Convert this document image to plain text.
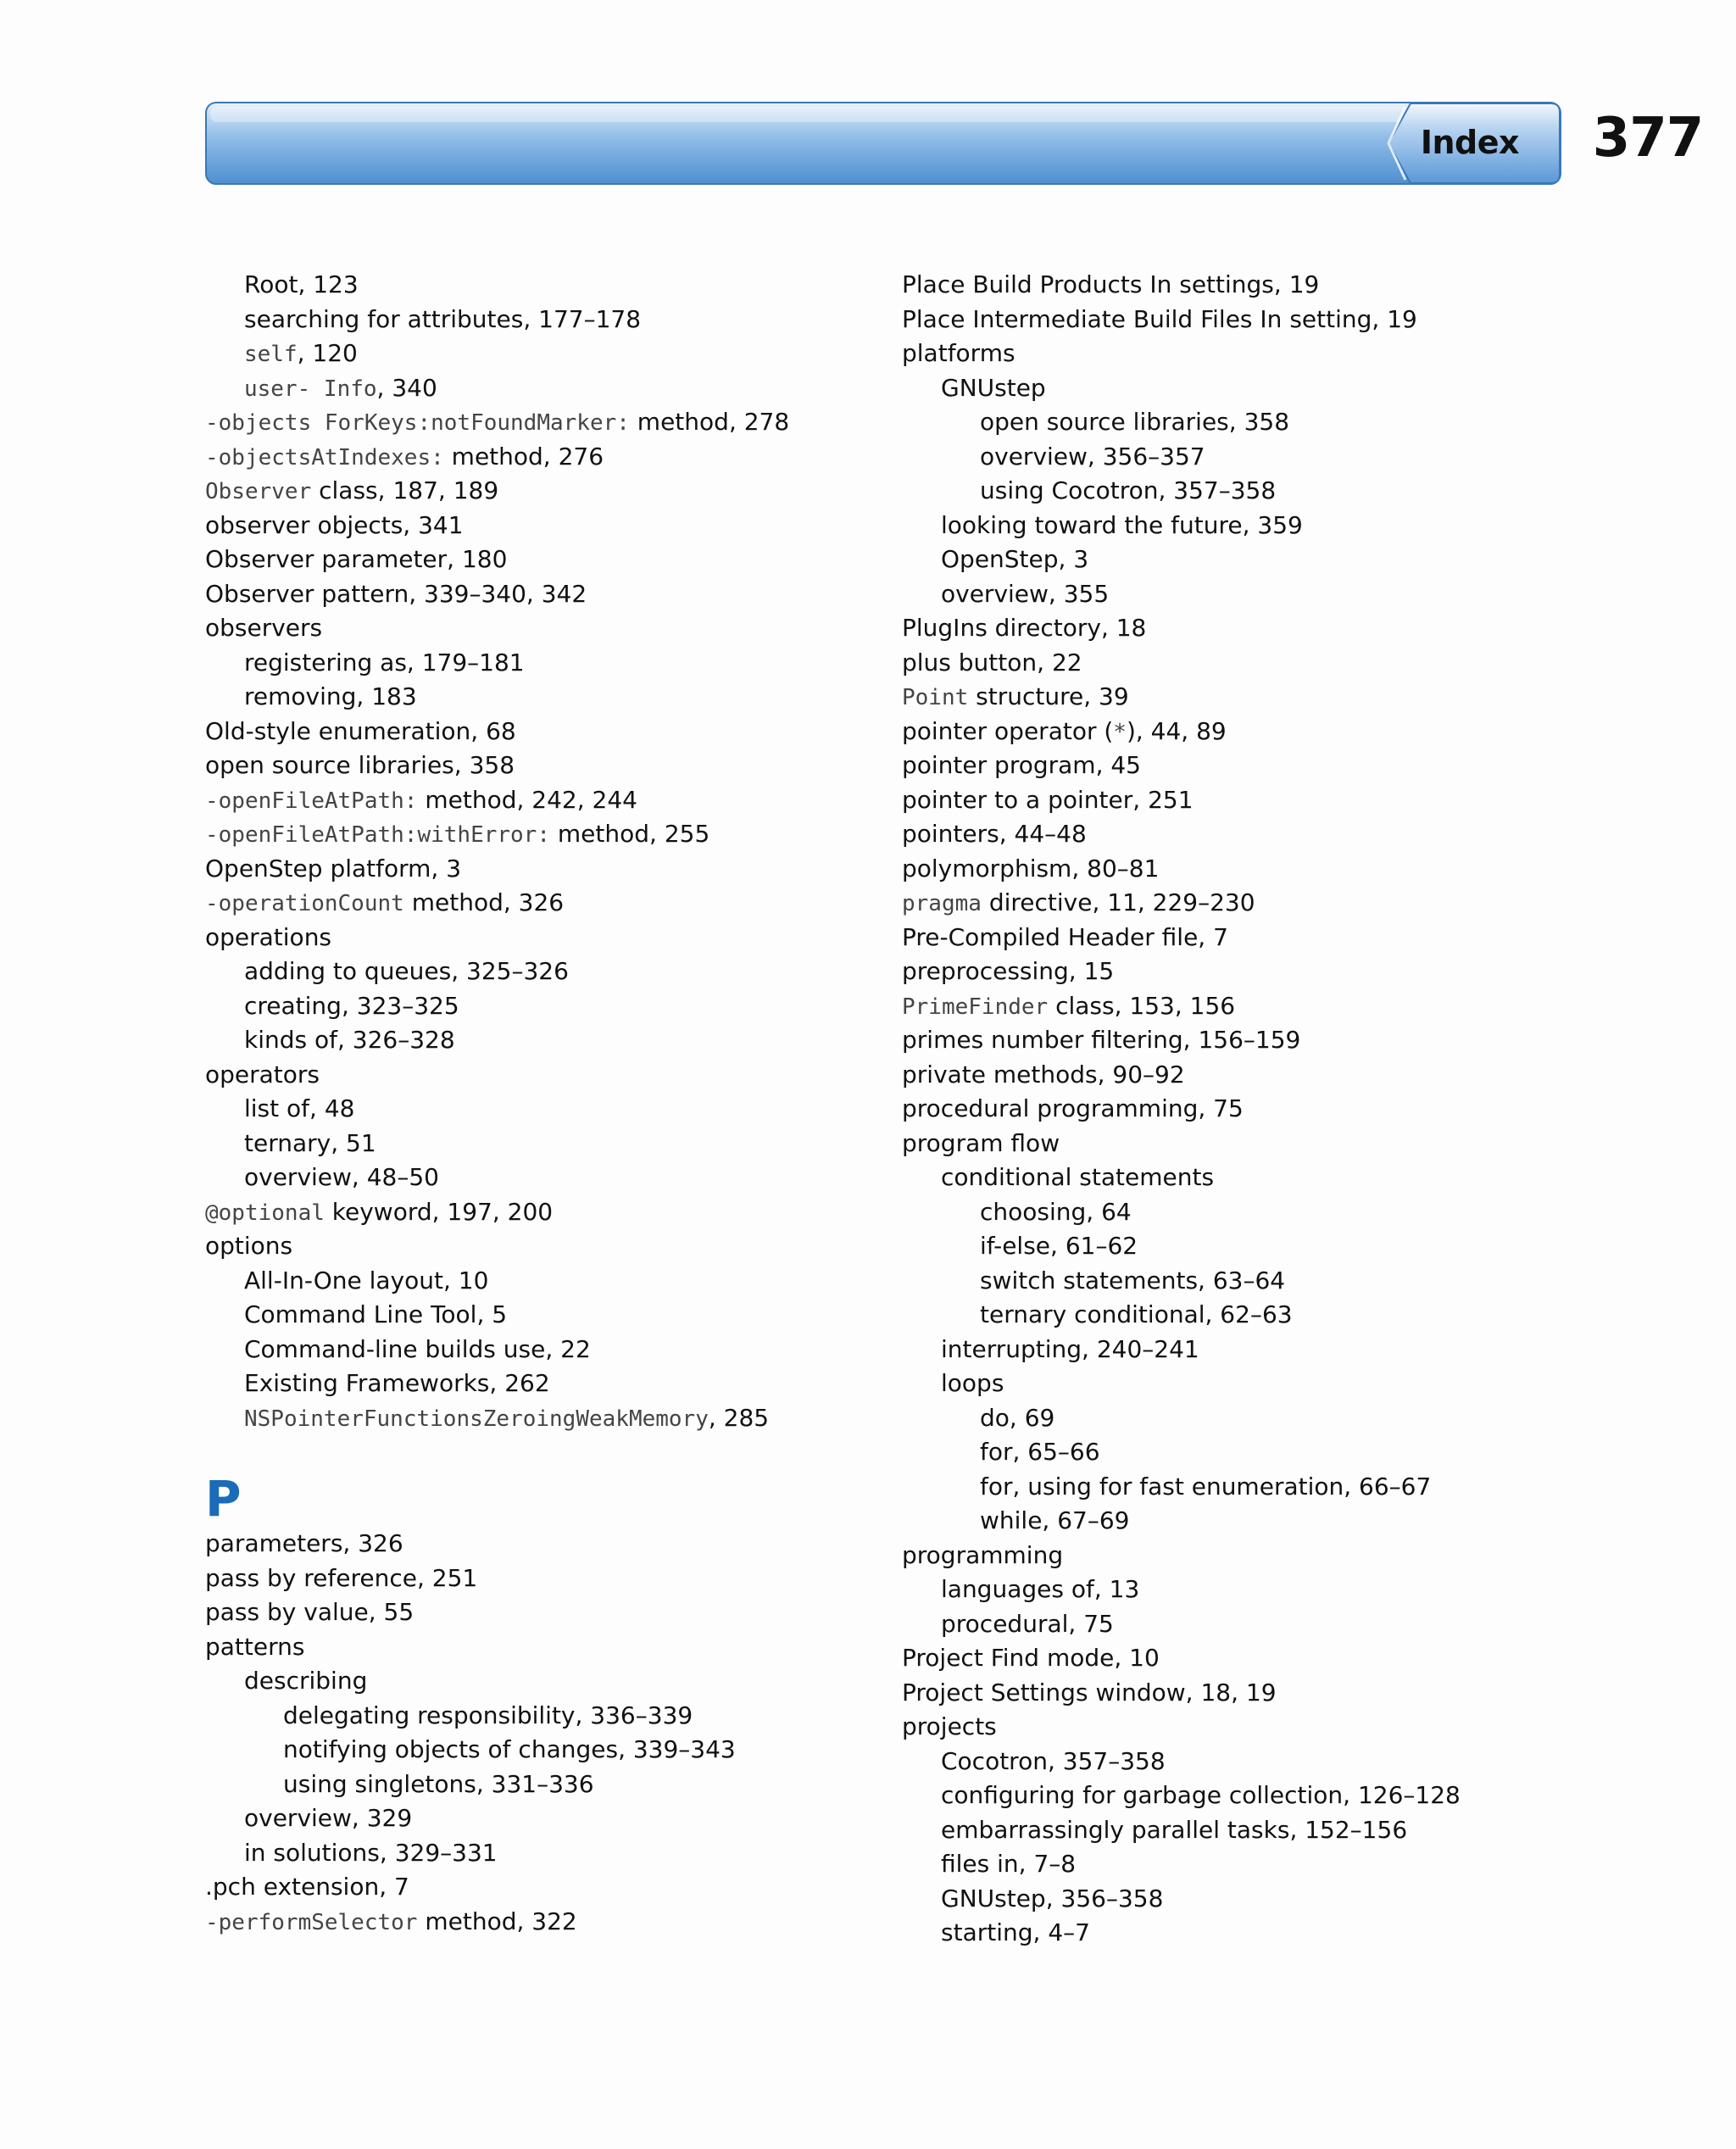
Index	377
Root, 123
searching for attributes, 177–178
self, 120
user- Info, 340
-objects ForKeys:notFoundMarker: method, 278
-objectsAtIndexes: method, 276
Observer class, 187, 189
observer objects, 341
Observer parameter, 180
Observer pattern, 339–340, 342
observers
registering as, 179–181
removing, 183
Old-style enumeration, 68
open source libraries, 358
-openFileAtPath: method, 242, 244
-openFileAtPath:withError: method, 255
OpenStep platform, 3
-operationCount method, 326
operations
adding to queues, 325–326
creating, 323–325
kinds of, 326–328
operators
list of, 48
ternary, 51
overview, 48–50
@optional keyword, 197, 200
options
All-In-One layout, 10
Command Line Tool, 5
Command-line builds use, 22
Existing Frameworks, 262
NSPointerFunctionsZeroingWeakMemory, 285
P
parameters, 326
pass by reference, 251
pass by value, 55
patterns
describing
delegating responsibility, 336–339
notifying objects of changes, 339–343
using singletons, 331–336
overview, 329
in solutions, 329–331
.pch extension, 7
-performSelector method, 322
Place Build Products In settings, 19
Place Intermediate Build Files In setting, 19
platforms
GNUstep
open source libraries, 358
overview, 356–357
using Cocotron, 357–358
looking toward the future, 359
OpenStep, 3
overview, 355
PlugIns directory, 18
plus button, 22
Point structure, 39
pointer operator (*), 44, 89
pointer program, 45
pointer to a pointer, 251
pointers, 44–48
polymorphism, 80–81
pragma directive, 11, 229–230
Pre-Compiled Header file, 7
preprocessing, 15
PrimeFinder class, 153, 156
primes number filtering, 156–159
private methods, 90–92
procedural programming, 75
program flow
conditional statements
choosing, 64
if-else, 61–62
switch statements, 63–64
ternary conditional, 62–63
interrupting, 240–241
loops
do, 69
for, 65–66
for, using for fast enumeration, 66–67
while, 67–69
programming
languages of, 13
procedural, 75
Project Find mode, 10
Project Settings window, 18, 19
projects
Cocotron, 357–358
configuring for garbage collection, 126–128
embarrassingly parallel tasks, 152–156
files in, 7–8
GNUstep, 356–358
starting, 4–7
